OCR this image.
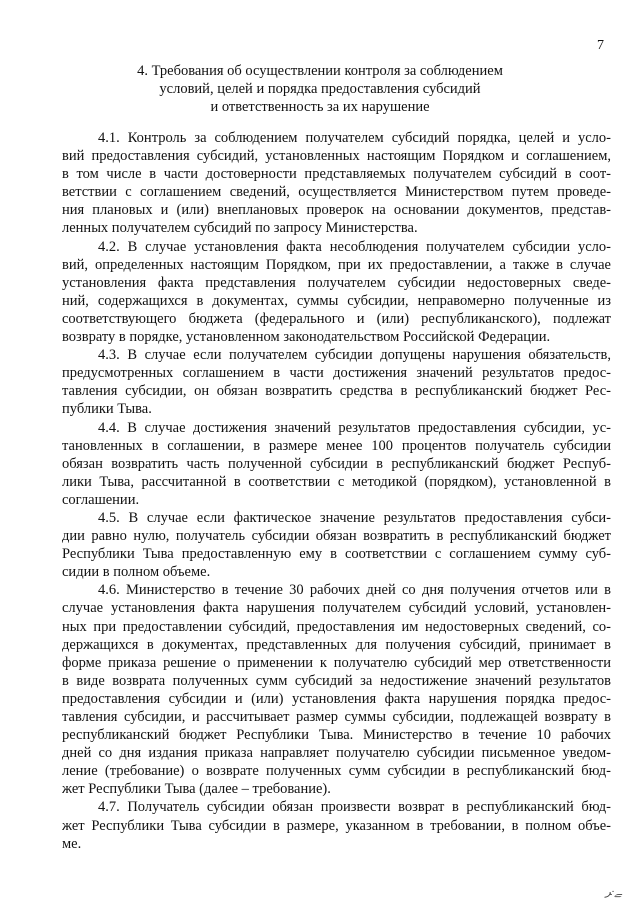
7
4. Требования об осуществлении контроля за соблюдением
условий, целей и порядка предоставления субсидий
и ответственность за их нарушение
4.1. Контроль за соблюдением получателем субсидий порядка, целей и усло-
вий предоставления субсидий, установленных настоящим Порядком и соглашением,
в том числе в части достоверности представляемых получателем субсидий в соот-
ветствии с соглашением сведений, осуществляется Министерством путем проведе-
ния плановых и (или) внеплановых проверок на основании документов, представ-
ленных получателем субсидий по запросу Министерства.
4.2. В случае установления факта несоблюдения получателем субсидии усло-
вий, определенных настоящим Порядком, при их предоставлении, а также в случае
установления факта представления получателем субсидии недостоверных сведе-
ний, содержащихся в документах, суммы субсидии, неправомерно полученные из
соответствующего бюджета (федерального и (или) республиканского), подлежат
возврату в порядке, установленном законодательством Российской Федерации.
4.3. В случае если получателем субсидии допущены нарушения обязательств,
предусмотренных соглашением в части достижения значений результатов предос-
тавления субсидии, он обязан возвратить средства в республиканский бюджет Рес-
публики Тыва.
4.4. В случае достижения значений результатов предоставления субсидии, ус-
тановленных в соглашении, в размере менее 100 процентов получатель субсидии
обязан возвратить часть полученной субсидии в республиканский бюджет Респуб-
лики Тыва, рассчитанной в соответствии с методикой (порядком), установленной в
соглашении.
4.5. В случае если фактическое значение результатов предоставления субси-
дии равно нулю, получатель субсидии обязан возвратить в республиканский бюджет
Республики Тыва предоставленную ему в соответствии с соглашением сумму суб-
сидии в полном объеме.
4.6. Министерство в течение 30 рабочих дней со дня получения отчетов или в
случае установления факта нарушения получателем субсидий условий, установлен-
ных при предоставлении субсидий, предоставления им недостоверных сведений, со-
держащихся в документах, представленных для получения субсидий, принимает в
форме приказа решение о применении к получателю субсидий мер ответственности
в виде возврата полученных сумм субсидий за недостижение значений результатов
предоставления субсидии и (или) установления факта нарушения порядка предос-
тавления субсидии, и рассчитывает размер суммы субсидии, подлежащей возврату в
республиканский бюджет Республики Тыва. Министерство в течение 10 рабочих
дней со дня издания приказа направляет получателю субсидии письменное уведом-
ление (требование) о возврате полученных сумм субсидии в республиканский бюд-
жет Республики Тыва (далее – требование).
4.7. Получатель субсидии обязан произвести возврат в республиканский бюд-
жет Республики Тыва субсидии в размере, указанном в требовании, в полном объе-
ме.
ﮯ·ﺮ
